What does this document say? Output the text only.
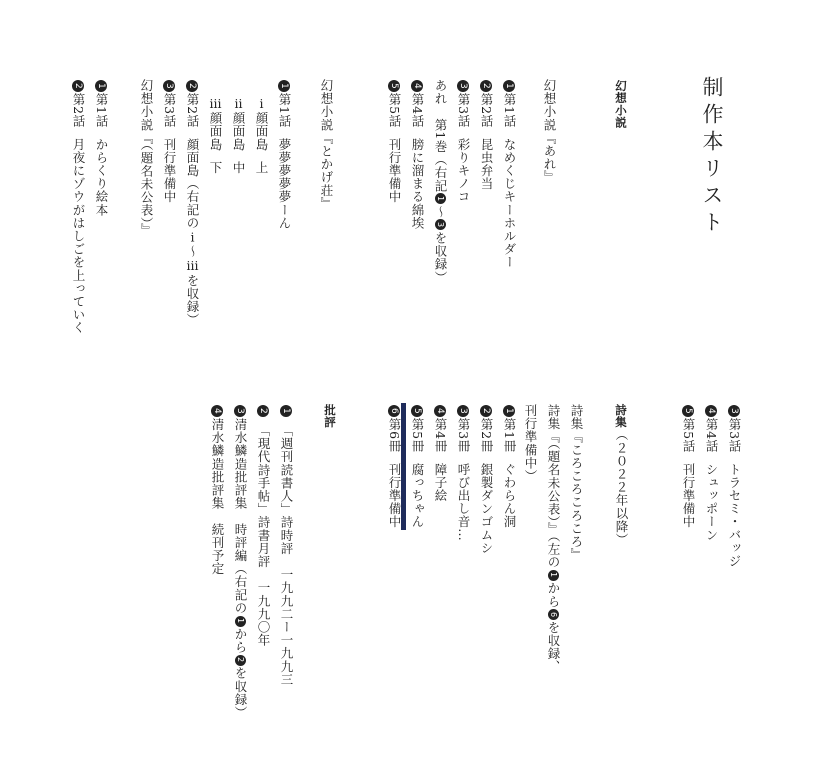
制作本リスト
幻想小説
幻想小説『あれ』
1第1話なめくじキーホルダー
2第2話昆虫弁当
3第3話彩りキノコ
あれ　第1巻（右記1～3を収録）
4第4話膀に溜まる綿埃
5第5話刊行準備中
幻想小説『とかげ荘』
1第1話夢夢夢夢夢ーん
ⅰ顔面島上
ⅱ顔面島中
ⅲ顔面島下
2第2話顔面島（右記のⅰ～ⅲを収録）
3第3話刊行準備中
幻想小説『（題名未公表）』
1第1話からくり絵本
2第2話月夜にゾウがはしごを上っていく
3第3話トラセミ・バッジ
4第4話シュッポーン
5第5話刊行準備中
詩集（２０２２年以降）
詩集『ころころころころ』
詩集『（題名未公表）』（左の1から6を収録、
刊行準備中）
1第1冊ぐわらん洞
2第2冊銀製ダンゴムシ
3第3冊呼び出し音…
4第4冊障子絵
5第5冊腐っちゃん
6第6冊刊行準備中
批評
1「週刊読書人」詩時評　一九九二ー一九九三
2「現代詩手帖」詩書月評　一九九〇年
3清水鱗造批評集　時評編（右記の1から2を収録）
4清水鱗造批評集　続刊予定
